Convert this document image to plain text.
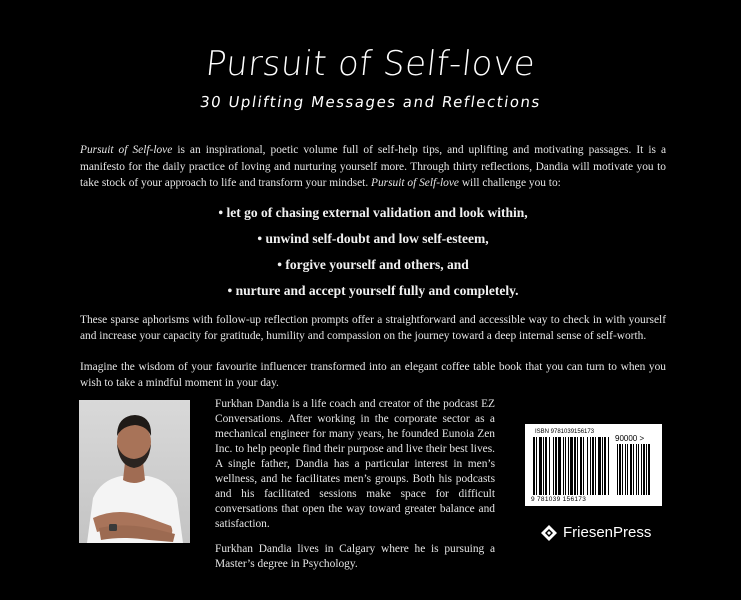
Pursuit of Self-love
30 Uplifting Messages and Reflections

Pursuit of Self-love is an inspirational, poetic volume full of self-help tips, and uplifting and motivating passages. It is a manifesto for the daily practice of loving and nurturing yourself more. Through thirty reflections, Dandia will motivate you to take stock of your approach to life and transform your mindset. Pursuit of Self-love will challenge you to:

• let go of chasing external validation and look within,
• unwind self-doubt and low self-esteem,
• forgive yourself and others, and
• nurture and accept yourself fully and completely.

These sparse aphorisms with follow-up reflection prompts offer a straightforward and accessible way to check in with yourself and increase your capacity for gratitude, humility and compassion on the journey toward a deep internal sense of self-worth.

Imagine the wisdom of your favourite influencer transformed into an elegant coffee table book that you can turn to when you wish to take a mindful moment in your day.

Furkhan Dandia is a life coach and creator of the podcast EZ Conversations. After working in the corporate sector as a mechanical engineer for many years, he founded Eunoia Zen Inc. to help people find their purpose and live their best lives. A single father, Dandia has a particular interest in men’s wellness, and he facilitates men’s groups. Both his podcasts and his facilitated sessions make space for difficult conversations that open the way toward greater balance and satisfaction.

Furkhan Dandia lives in Calgary where he is pursuing a Master’s degree in Psychology.

ISBN 9781039156173
90000 >
9 781039 156173
FriesenPress
